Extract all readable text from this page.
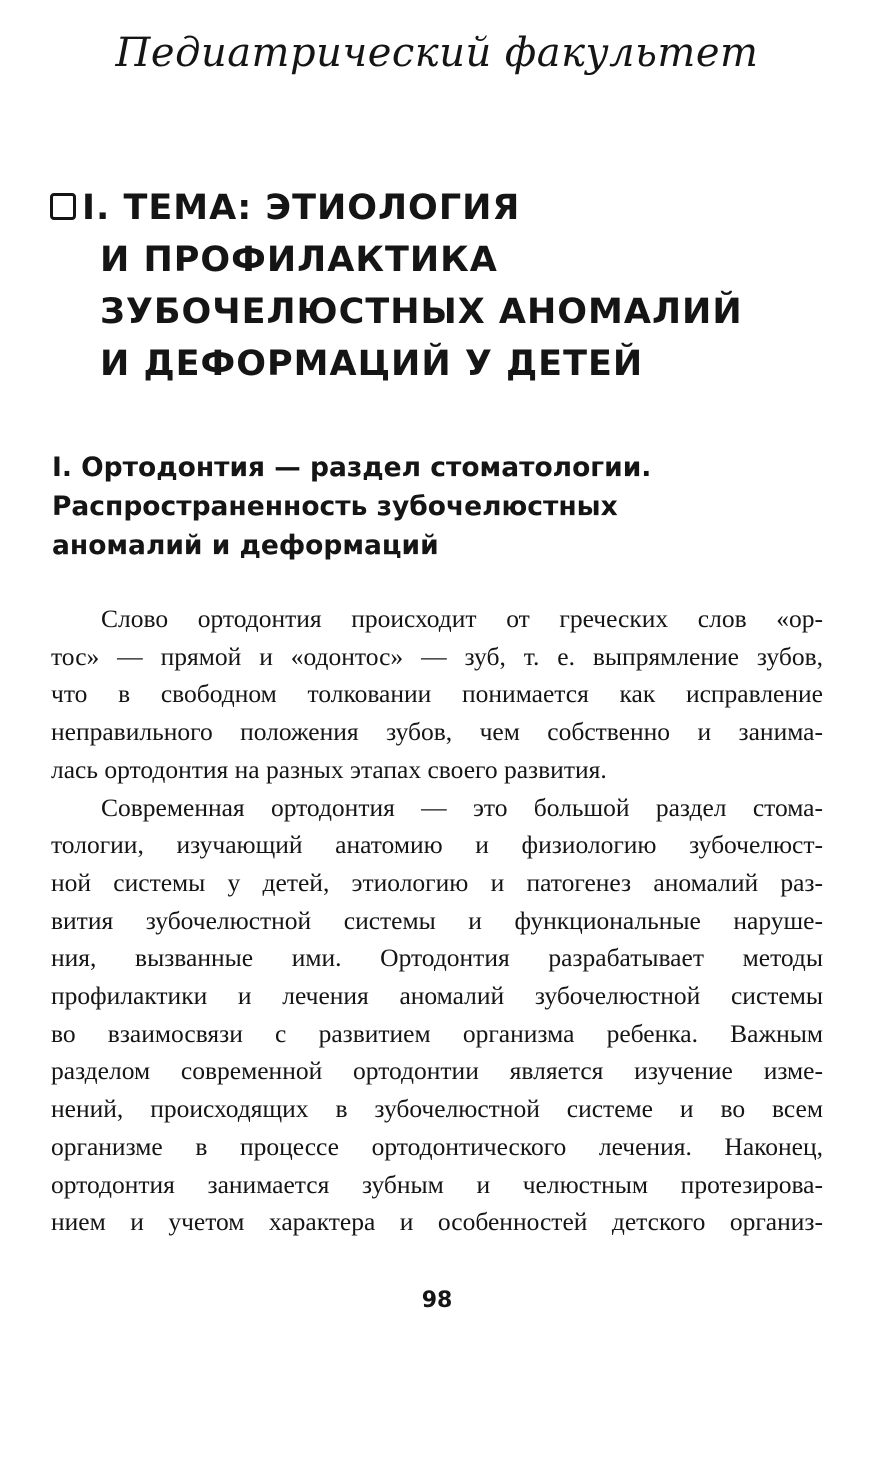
Педиатрический факультет
I. ТЕМА: ЭТИОЛОГИЯ
И ПРОФИЛАКТИКА
ЗУБОЧЕЛЮСТНЫХ АНОМАЛИЙ
И ДЕФОРМАЦИЙ У ДЕТЕЙ
I. Ортодонтия — раздел стоматологии.
Распространенность зубочелюстных
аномалий и деформаций
Слово ортодонтия происходит от греческих слов «ор-
тос» — прямой и «одонтос» — зуб, т. е. выпрямление зубов,
что в свободном толковании понимается как исправление
неправильного положения зубов, чем собственно и занима-
лась ортодонтия на разных этапах своего развития.
Современная ортодонтия — это большой раздел стома-
тологии, изучающий анатомию и физиологию зубочелюст-
ной системы у детей, этиологию и патогенез аномалий раз-
вития зубочелюстной системы и функциональные наруше-
ния, вызванные ими. Ортодонтия разрабатывает методы
профилактики и лечения аномалий зубочелюстной системы
во взаимосвязи с развитием организма ребенка. Важным
разделом современной ортодонтии является изучение изме-
нений, происходящих в зубочелюстной системе и во всем
организме в процессе ортодонтического лечения. Наконец,
ортодонтия занимается зубным и челюстным протезирова-
нием и учетом характера и особенностей детского организ-
98
